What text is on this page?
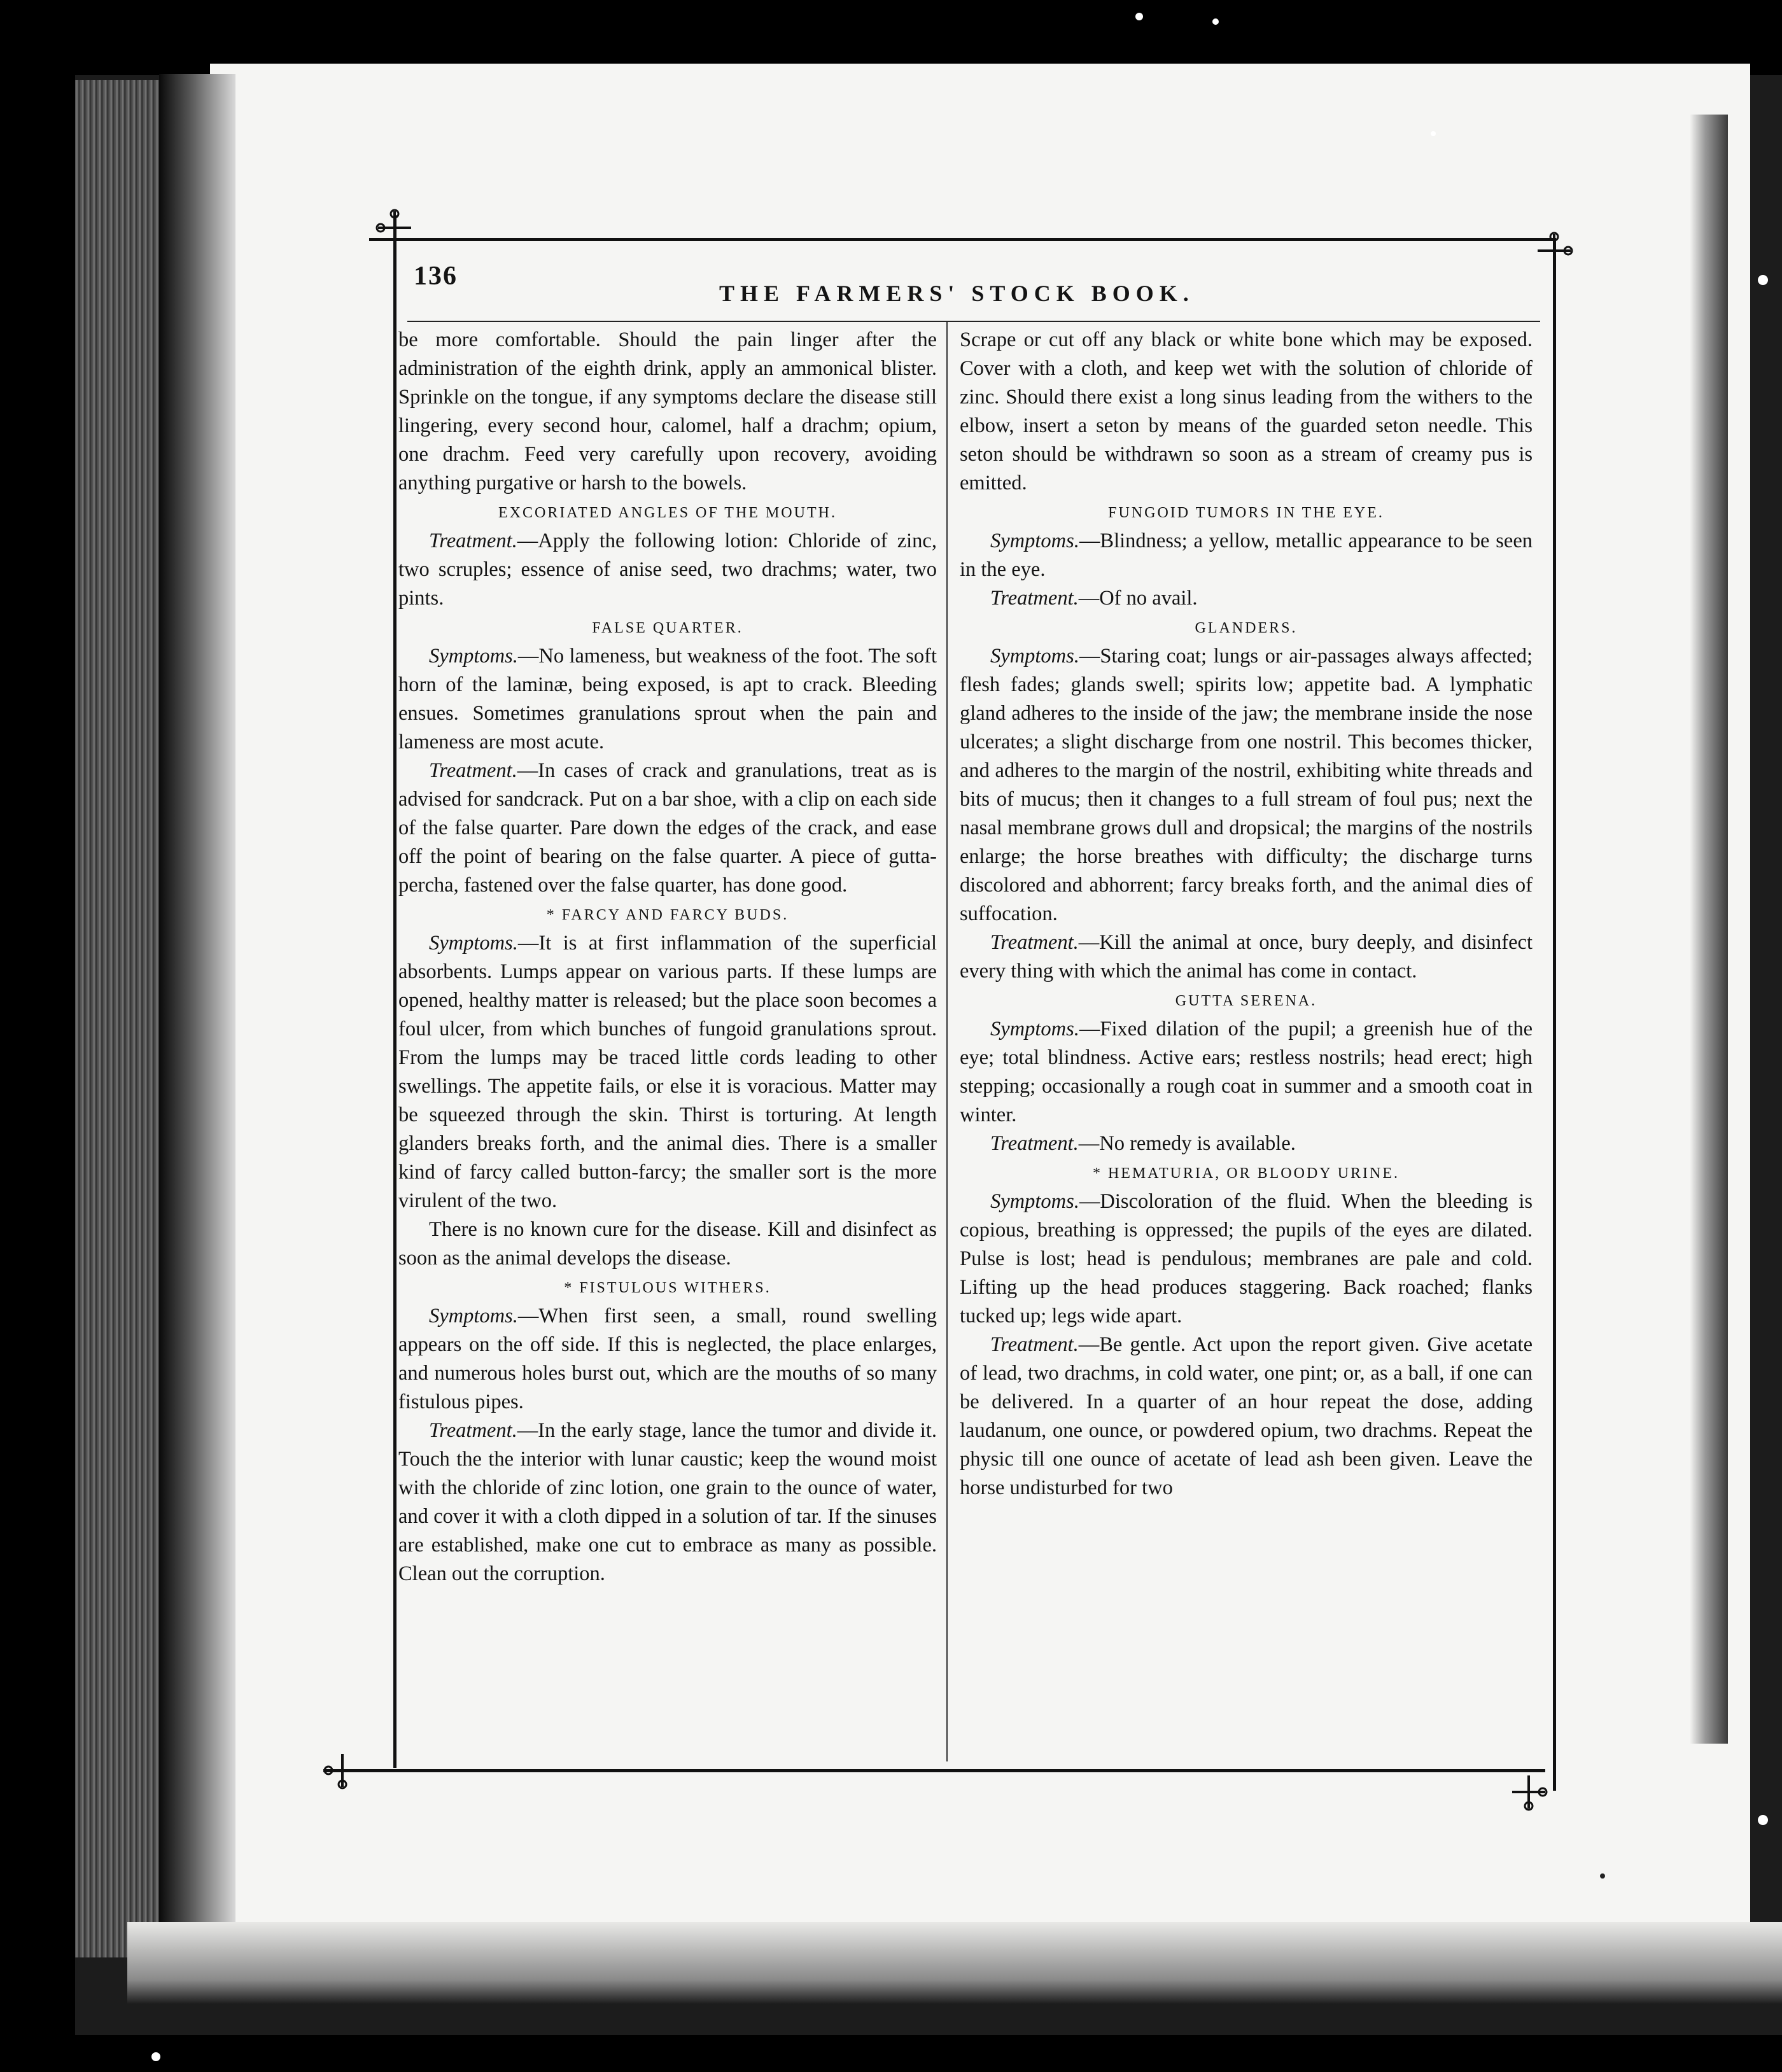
136
THE FARMERS' STOCK BOOK.

be more comfortable. Should the pain linger after the administration of the eighth drink, apply an ammonical blister. Sprinkle on the tongue, if any symptoms declare the disease still lingering, every second hour, calomel, half a drachm; opium, one drachm. Feed very carefully upon recovery, avoiding anything purgative or harsh to the bowels.

EXCORIATED ANGLES OF THE MOUTH.

Treatment.—Apply the following lotion: Chloride of zinc, two scruples; essence of anise seed, two drachms; water, two pints.

FALSE QUARTER.

Symptoms.—No lameness, but weakness of the foot. The soft horn of the laminæ, being exposed, is apt to crack. Bleeding ensues. Sometimes granulations sprout when the pain and lameness are most acute.

Treatment.—In cases of crack and granulations, treat as is advised for sandcrack. Put on a bar shoe, with a clip on each side of the false quarter. Pare down the edges of the crack, and ease off the point of bearing on the false quarter. A piece of gutta-percha, fastened over the false quarter, has done good.

* FARCY AND FARCY BUDS.

Symptoms.—It is at first inflammation of the superficial absorbents. Lumps appear on various parts. If these lumps are opened, healthy matter is released; but the place soon becomes a foul ulcer, from which bunches of fungoid granulations sprout. From the lumps may be traced little cords leading to other swellings. The appetite fails, or else it is voracious. Matter may be squeezed through the skin. Thirst is torturing. At length glanders breaks forth, and the animal dies. There is a smaller kind of farcy called button-farcy; the smaller sort is the more virulent of the two.

There is no known cure for the disease. Kill and disinfect as soon as the animal develops the disease.

* FISTULOUS WITHERS.

Symptoms.—When first seen, a small, round swelling appears on the off side. If this is neglected, the place enlarges, and numerous holes burst out, which are the mouths of so many fistulous pipes.

Treatment.—In the early stage, lance the tumor and divide it. Touch the the interior with lunar caustic; keep the wound moist with the chloride of zinc lotion, one grain to the ounce of water, and cover it with a cloth dipped in a solution of tar. If the sinuses are established, make one cut to embrace as many as possible. Clean out the corruption.

Scrape or cut off any black or white bone which may be exposed. Cover with a cloth, and keep wet with the solution of chloride of zinc. Should there exist a long sinus leading from the withers to the elbow, insert a seton by means of the guarded seton needle. This seton should be withdrawn so soon as a stream of creamy pus is emitted.

FUNGOID TUMORS IN THE EYE.

Symptoms.—Blindness; a yellow, metallic appearance to be seen in the eye.

Treatment.—Of no avail.

GLANDERS.

Symptoms.—Staring coat; lungs or air-passages always affected; flesh fades; glands swell; spirits low; appetite bad. A lymphatic gland adheres to the inside of the jaw; the membrane inside the nose ulcerates; a slight discharge from one nostril. This becomes thicker, and adheres to the margin of the nostril, exhibiting white threads and bits of mucus; then it changes to a full stream of foul pus; next the nasal membrane grows dull and dropsical; the margins of the nostrils enlarge; the horse breathes with difficulty; the discharge turns discolored and abhorrent; farcy breaks forth, and the animal dies of suffocation.

Treatment.—Kill the animal at once, bury deeply, and disinfect every thing with which the animal has come in contact.

GUTTA SERENA.

Symptoms.—Fixed dilation of the pupil; a greenish hue of the eye; total blindness. Active ears; restless nostrils; head erect; high stepping; occasionally a rough coat in summer and a smooth coat in winter.

Treatment.—No remedy is available.

* HEMATURIA, OR BLOODY URINE.

Symptoms.—Discoloration of the fluid. When the bleeding is copious, breathing is oppressed; the pupils of the eyes are dilated. Pulse is lost; head is pendulous; membranes are pale and cold. Lifting up the head produces staggering. Back roached; flanks tucked up; legs wide apart.

Treatment.—Be gentle. Act upon the report given. Give acetate of lead, two drachms, in cold water, one pint; or, as a ball, if one can be delivered. In a quarter of an hour repeat the dose, adding laudanum, one ounce, or powdered opium, two drachms. Repeat the physic till one ounce of acetate of lead ash been given. Leave the horse undisturbed for two
